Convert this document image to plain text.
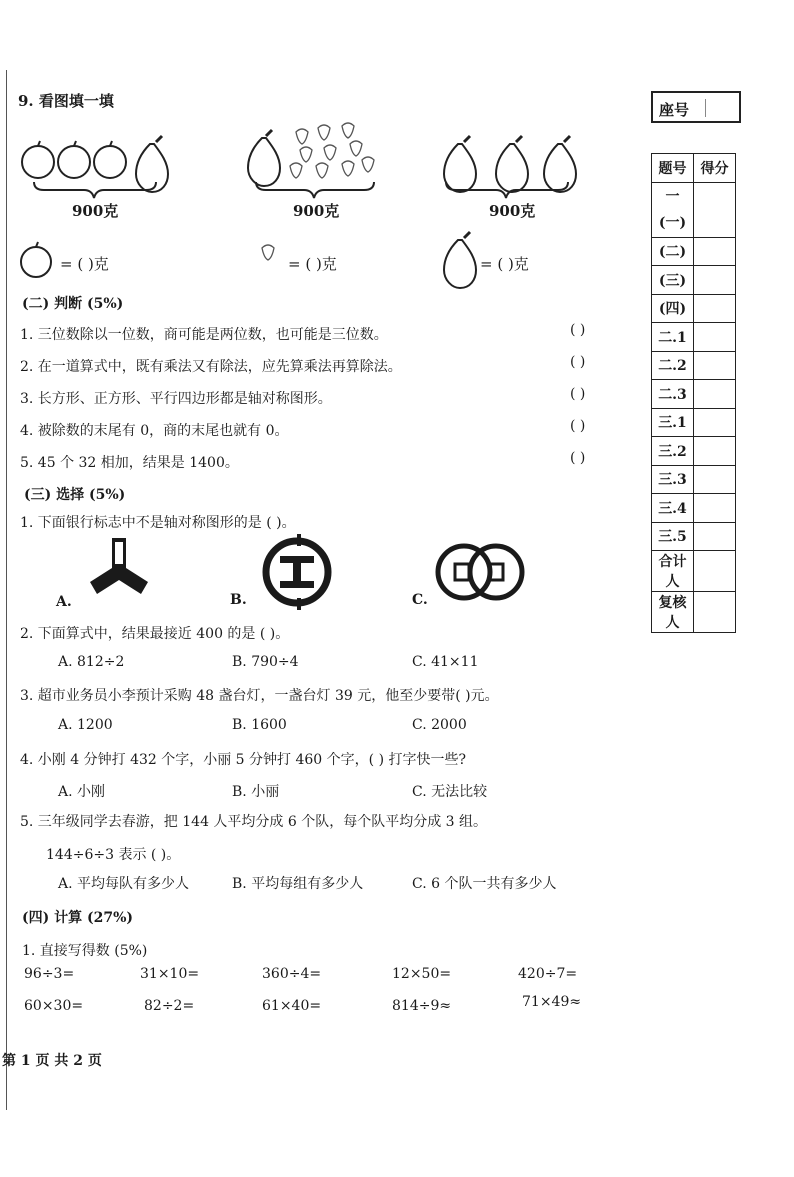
座号
题号	得分
一
(一)	
(二)	
(三)	
(四)	
二.1	
二.2	
二.3	
三.1	
三.2	
三.3	
三.4	
三.5	
合计人	
复核人	
9. 看图填一填
900克	900克	900克
= ( )克	= ( )克	= ( )克
(二) 判断 (5%)
1. 三位数除以一位数，商可能是两位数，也可能是三位数。
2. 在一道算式中，既有乘法又有除法，应先算乘法再算除法。
3. 长方形、正方形、平行四边形都是轴对称图形。
4. 被除数的末尾有 0，商的末尾也就有 0。
5. 45 个 32 相加，结果是 1400。
( )
( )
( )
( )
( )
(三) 选择 (5%)
1. 下面银行标志中不是轴对称图形的是 ( )。
A.	B.	C.
2. 下面算式中，结果最接近 400 的是 ( )。
A. 812÷2	B. 790÷4	C. 41×11
3. 超市业务员小李预计采购 48 盏台灯，一盏台灯 39 元，他至少要带( )元。
A. 1200	B. 1600	C. 2000
4. 小刚 4 分钟打 432 个字，小丽 5 分钟打 460 个字，( ) 打字快一些?
A. 小刚	B. 小丽	C. 无法比较
5. 三年级同学去春游，把 144 人平均分成 6 个队，每个队平均分成 3 组。
144÷6÷3 表示 ( )。
A. 平均每队有多少人	B. 平均每组有多少人	C. 6 个队一共有多少人
(四) 计算 (27%)
1. 直接写得数 (5%)
96÷3=	31×10=	360÷4=	12×50=	420÷7=
60×30=	82÷2=	61×40=	814÷9≈	71×49≈
第 1 页 共 2 页
